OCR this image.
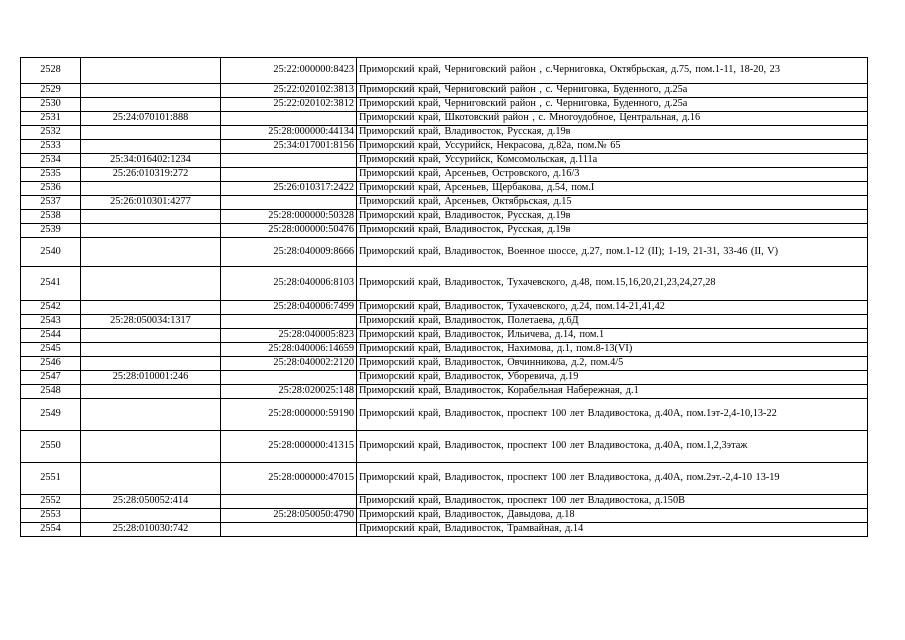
2528		25:22:000000:8423	Приморский край, Черниговский район , с.Черниговка, Октябрьская, д.75, пом.1-11, 18-20, 23
2529		25:22:020102:3813	Приморский край, Черниговский район , с. Черниговка, Буденного, д.25а
2530		25:22:020102:3812	Приморский край, Черниговский район , с. Черниговка, Буденного, д.25а
2531	25:24:070101:888		Приморский край, Шкотовский район , с. Многоудобное, Центральная, д.16
2532		25:28:000000:44134	Приморский край, Владивосток, Русская, д.19в
2533		25:34:017001:8156	Приморский край, Уссурийск, Некрасова, д.82а, пом.№ 65
2534	25:34:016402:1234		Приморский край, Уссурийск, Комсомольская, д.111а
2535	25:26:010319:272		Приморский край, Арсеньев, Островского, д.16/3
2536		25:26:010317:2422	Приморский край, Арсеньев, Щербакова, д.54, пом.I
2537	25:26:010301:4277		Приморский край, Арсеньев, Октябрьская, д.15
2538		25:28:000000:50328	Приморский край, Владивосток, Русская, д.19в
2539		25:28:000000:50476	Приморский край, Владивосток, Русская, д.19в
2540		25:28:040009:8666	Приморский край, Владивосток, Военное шоссе, д.27, пом.1-12 (II); 1-19, 21-31, 33-46 (II, V)
2541		25:28:040006:8103	Приморский край, Владивосток, Тухачевского, д.48, пом.15,16,20,21,23,24,27,28
2542		25:28:040006:7499	Приморский край, Владивосток, Тухачевского, д.24, пом.14-21,41,42
2543	25:28:050034:1317		Приморский край, Владивосток, Полетаева, д.6Д
2544		25:28:040005:823	Приморский край, Владивосток, Ильичева, д.14, пом.1
2545		25:28:040006:14659	Приморский край, Владивосток, Нахимова, д.1, пом.8-13(VI)
2546		25:28:040002:2120	Приморский край, Владивосток, Овчинникова, д.2, пом.4/5
2547	25:28:010001:246		Приморский край, Владивосток, Уборевича, д.19
2548		25:28:020025:148	Приморский край, Владивосток, Корабельная Набережная, д.1
2549		25:28:000000:59190	Приморский край, Владивосток, проспект 100 лет Владивостока, д.40А, пом.1эт-2,4-10,13-22
2550		25:28:000000:41315	Приморский край, Владивосток, проспект 100 лет Владивостока, д.40А, пом.1,2,3этаж
2551		25:28:000000:47015	Приморский край, Владивосток, проспект 100 лет Владивостока, д.40А, пом.2эт.-2,4-10 13-19
2552	25:28:050052:414		Приморский край, Владивосток, проспект 100 лет Владивостока, д.150В
2553		25:28:050050:4790	Приморский край, Владивосток, Давыдова, д.18
2554	25:28:010030:742		Приморский край, Владивосток, Трамвайная, д.14
